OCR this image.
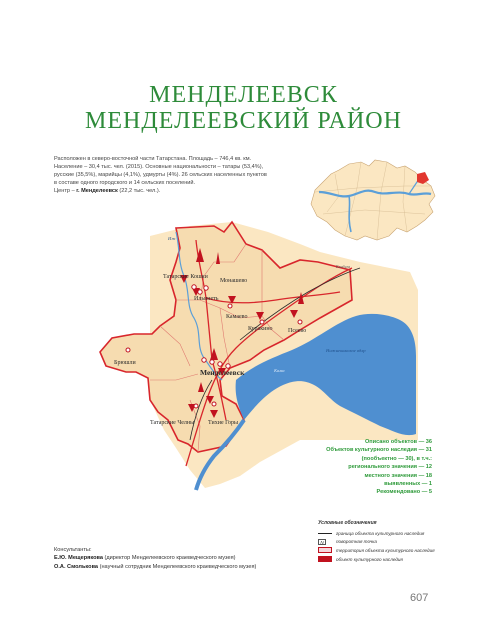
МЕНДЕЛЕЕВСК
МЕНДЕЛЕЕВСКИЙ РАЙОН
Расположен в северо-восточной части Татарстана. Площадь – 746,4 кв. км.
Население – 30,4 тыс. чел. (2015). Основные национальности – татары (53,4%),
русские (35,5%), марийцы (4,1%), удмурты (4%). 26 сельских населенных пунктов
в составе одного городского и 14 сельских поселений.
Центр – г. Менделеевск (22,2 тыс. чел.).
Татарские Кошки
Монашево
Ильинеть
Камаево
Куракино	Псеево
Брюшли
Менделеевск
Татарские Челны Тихие Горы
Нижнекамское вдхр
Кама
Иж
Елабуга
Описано объектов — 36
Объектов культурного наследия — 31
(пообъектно — 30), в т.ч.:
регионального значения — 12
местного значения — 18
выявленных — 1
Рекомендовано — 5
Условные обозначения
граница объекта культурного наследия
N	поворотная точка
территория объекта культурного наследия
объект культурного наследия
Консультанты:
Е.Ю. Мещерякова (директор Менделеевского краеведческого музея)
О.А. Смолькова (научный сотрудник Менделеевского краеведческого музея)
607
